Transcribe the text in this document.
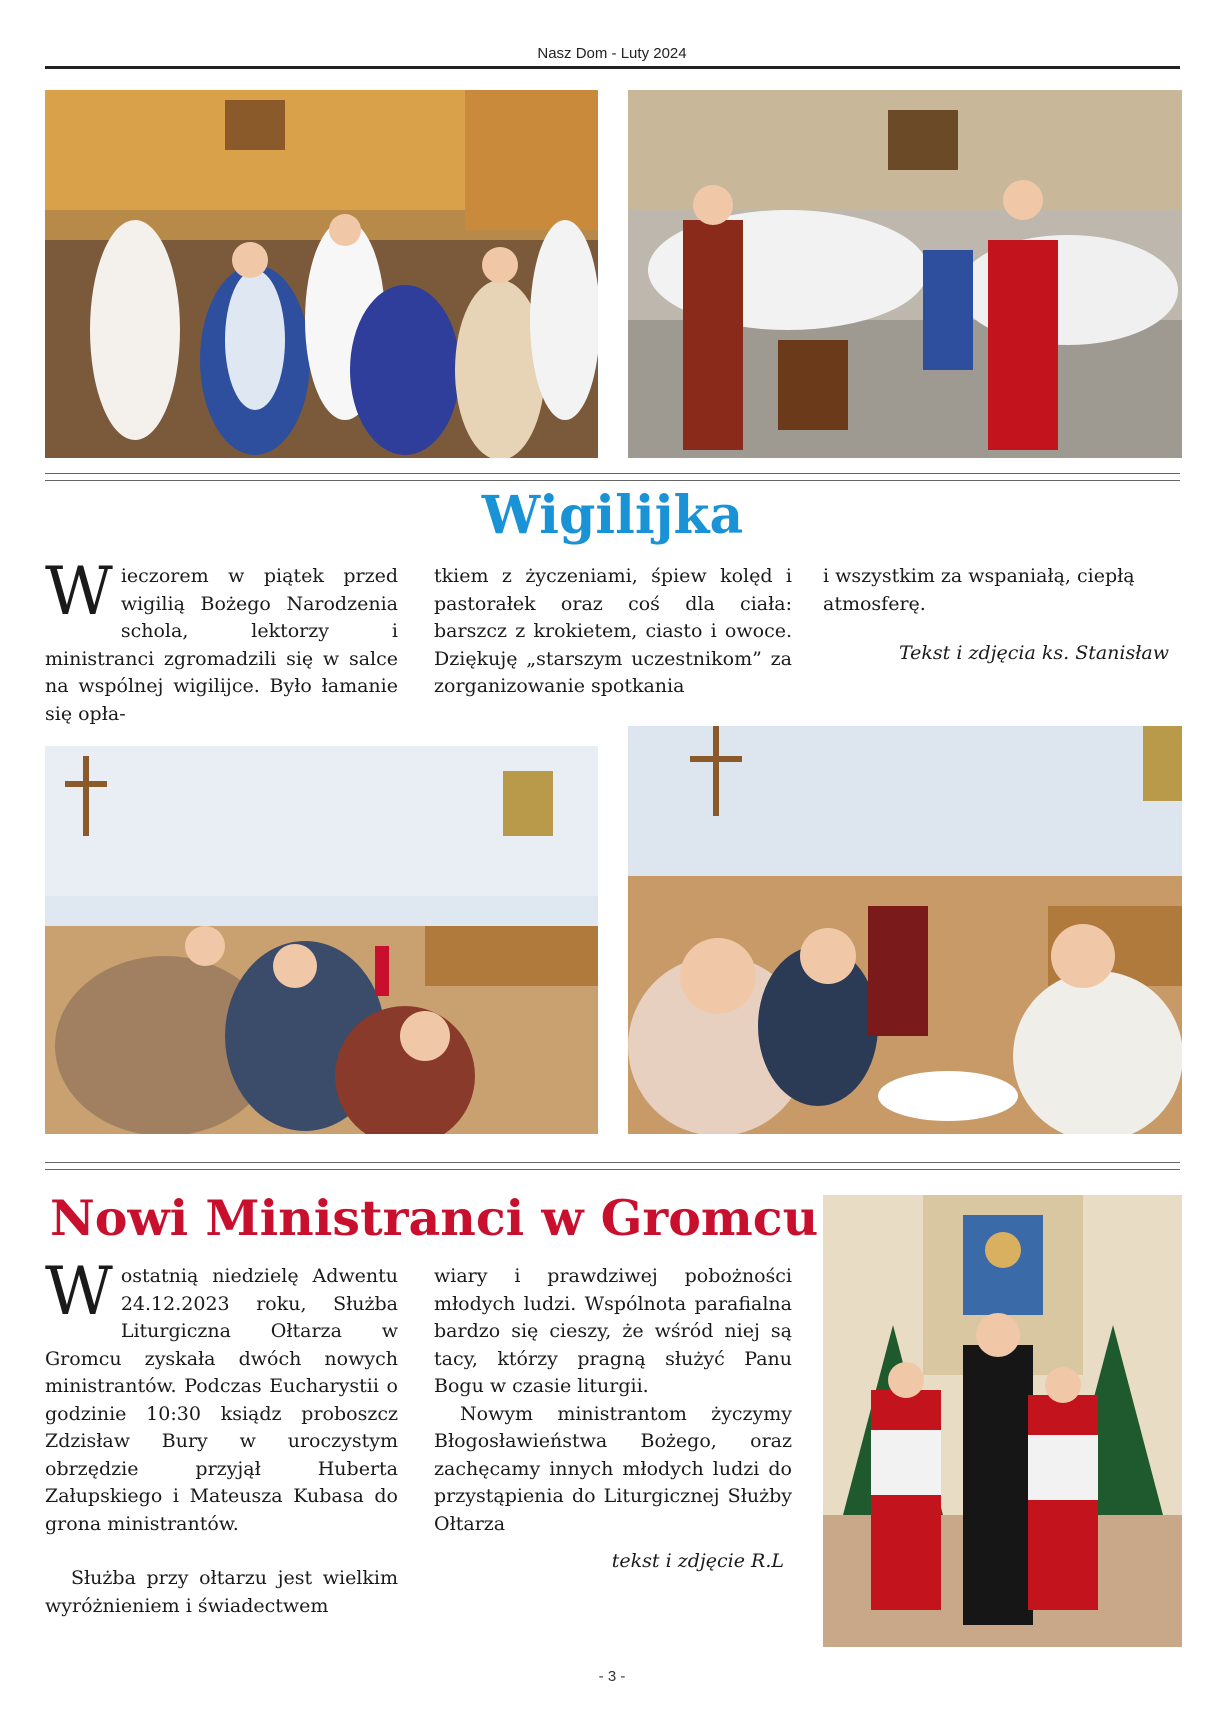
Nasz Dom - Luty 2024
Wigilijka
W ieczorem w piątek przed wigilią Bożego Narodzenia schola, lektorzy i ministranci zgromadzili się w salce na wspólnej wigilijce. Było łamanie się opła-
tkiem z życzeniami, śpiew kolęd i pastorałek oraz coś dla ciała: barszcz z krokietem, ciasto i owoce. Dziękuję „starszym uczestnikom” za zorganizowanie spotkania

i wszystkim za wspaniałą, ciepłą atmosferę.

Tekst i zdjęcia ks. Stanisław

Nowi Ministranci w Gromcu

W ostatnią niedzielę Adwentu 24.12.2023 roku, Służba Liturgiczna Ołtarza w Gromcu zyskała dwóch nowych ministrantów. Podczas Eucharystii o godzinie 10:30 ksiądz proboszcz Zdzisław Bury w uroczystym obrzędzie przyjął Huberta Załupskiego i Mateusza Kubasa do grona ministrantów.

Służba przy ołtarzu jest wielkim wyróżnieniem i świadectwem

wiary i prawdziwej pobożności młodych ludzi. Wspólnota parafialna bardzo się cieszy, że wśród niej są tacy, którzy pragną służyć Panu Bogu w czasie liturgii.

Nowym ministrantom życzymy Błogosławieństwa Bożego, oraz zachęcamy innych młodych ludzi do przystąpienia do Liturgicznej Służby Ołtarza

tekst i zdjęcie R.L

- 3 -
